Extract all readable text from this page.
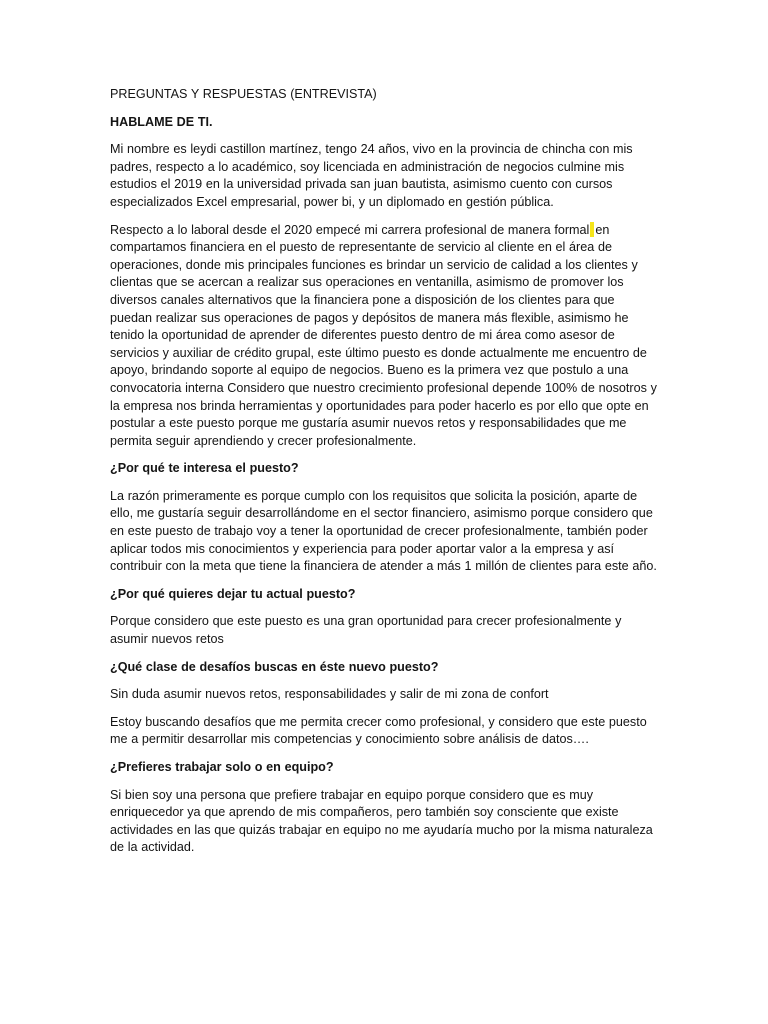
PREGUNTAS Y RESPUESTAS (ENTREVISTA)
HABLAME DE TI.
Mi nombre es leydi castillon martínez, tengo 24 años, vivo en la provincia de chincha con mis padres, respecto a lo académico, soy licenciada en administración de negocios culmine mis estudios el 2019 en la universidad privada san juan bautista, asimismo cuento con cursos especializados Excel empresarial, power bi, y un diplomado en gestión pública.
Respecto a lo laboral desde el 2020 empecé mi carrera profesional de manera formal en compartamos financiera en el puesto de representante de servicio al cliente en el área de operaciones, donde mis principales funciones es brindar un servicio de calidad a los clientes y clientas que se acercan a realizar sus operaciones en ventanilla, asimismo de promover los diversos canales alternativos que la financiera pone a disposición de los clientes para que puedan realizar sus operaciones de pagos y depósitos de manera más flexible, asimismo he tenido la oportunidad de aprender de diferentes puesto dentro de mi área como asesor de servicios y auxiliar de crédito grupal, este último puesto es donde actualmente me encuentro de apoyo, brindando soporte al equipo de negocios. Bueno es la primera vez que postulo a una convocatoria interna Considero que nuestro crecimiento profesional depende 100% de nosotros y la empresa nos brinda herramientas y oportunidades para poder hacerlo es por ello que opte en postular a este puesto porque me gustaría asumir nuevos retos y responsabilidades que me permita seguir aprendiendo y crecer profesionalmente.
¿Por qué te interesa el puesto?
La razón primeramente es porque cumplo con los requisitos que solicita la posición, aparte de ello, me gustaría seguir desarrollándome en el sector financiero, asimismo porque considero que en este puesto de trabajo voy a tener la oportunidad de crecer profesionalmente, también poder aplicar todos mis conocimientos y experiencia para poder aportar valor a la empresa y así contribuir con la meta que tiene la financiera de atender a más 1 millón de clientes para este año.
¿Por qué quieres dejar tu actual puesto?
Porque considero que este puesto es una gran oportunidad para crecer profesionalmente y asumir nuevos retos
¿Qué clase de desafíos buscas en éste nuevo puesto?
Sin duda asumir nuevos retos, responsabilidades y salir de mi zona de confort
Estoy buscando desafíos que me permita crecer como profesional, y considero que este puesto me a permitir desarrollar mis competencias y conocimiento sobre análisis de datos….
¿Prefieres trabajar solo o en equipo?
Si bien soy una persona que prefiere trabajar en equipo porque considero que es muy enriquecedor ya que aprendo de mis compañeros, pero también soy consciente que existe actividades en las que quizás trabajar en equipo no me ayudaría mucho por la misma naturaleza de la actividad.
